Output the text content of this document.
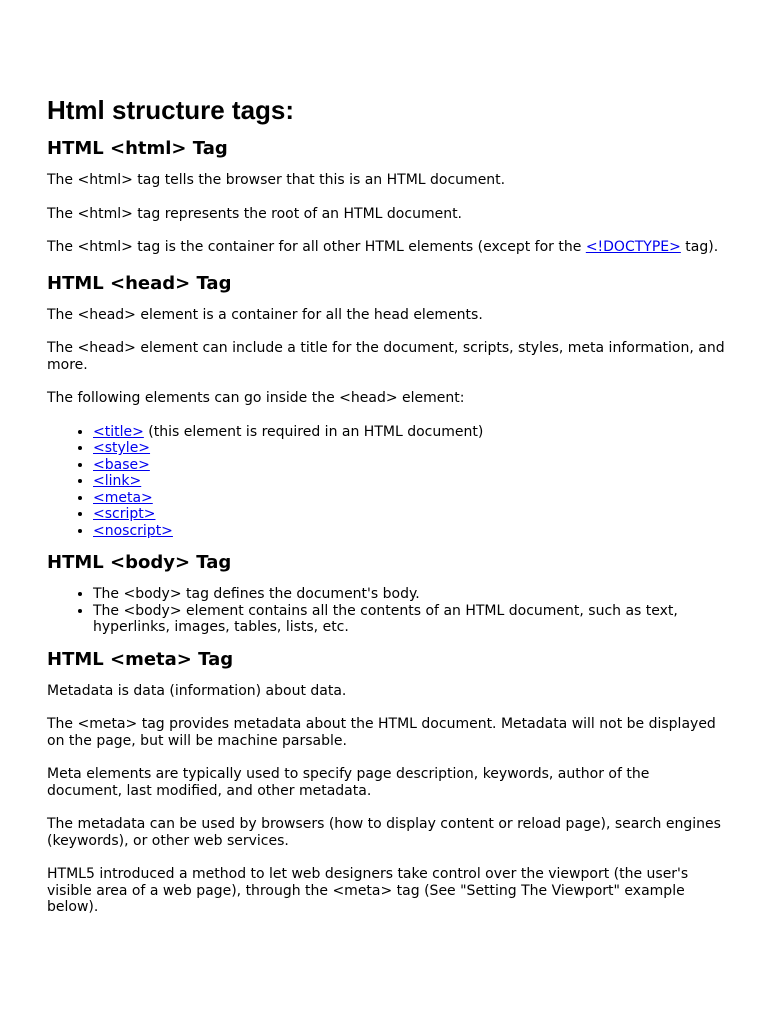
Html structure tags:
HTML <html> Tag

The <html> tag tells the browser that this is an HTML document.

The <html> tag represents the root of an HTML document.

The <html> tag is the container for all other HTML elements (except for the <!DOCTYPE> tag).

HTML <head> Tag

The <head> element is a container for all the head elements.

The <head> element can include a title for the document, scripts, styles, meta information, and more.

The following elements can go inside the <head> element:

• <title> (this element is required in an HTML document)
• <style>
• <base>
• <link>
• <meta>
• <script>
• <noscript>
HTML <body> Tag
• The <body> tag defines the document's body.
• The <body> element contains all the contents of an HTML document, such as text, hyperlinks, images, tables, lists, etc.
HTML <meta> Tag

Metadata is data (information) about data.

The <meta> tag provides metadata about the HTML document. Metadata will not be displayed on the page, but will be machine parsable.

Meta elements are typically used to specify page description, keywords, author of the document, last modified, and other metadata.

The metadata can be used by browsers (how to display content or reload page), search engines (keywords), or other web services.

HTML5 introduced a method to let web designers take control over the viewport (the user's visible area of a web page), through the <meta> tag (See "Setting The Viewport" example below).
